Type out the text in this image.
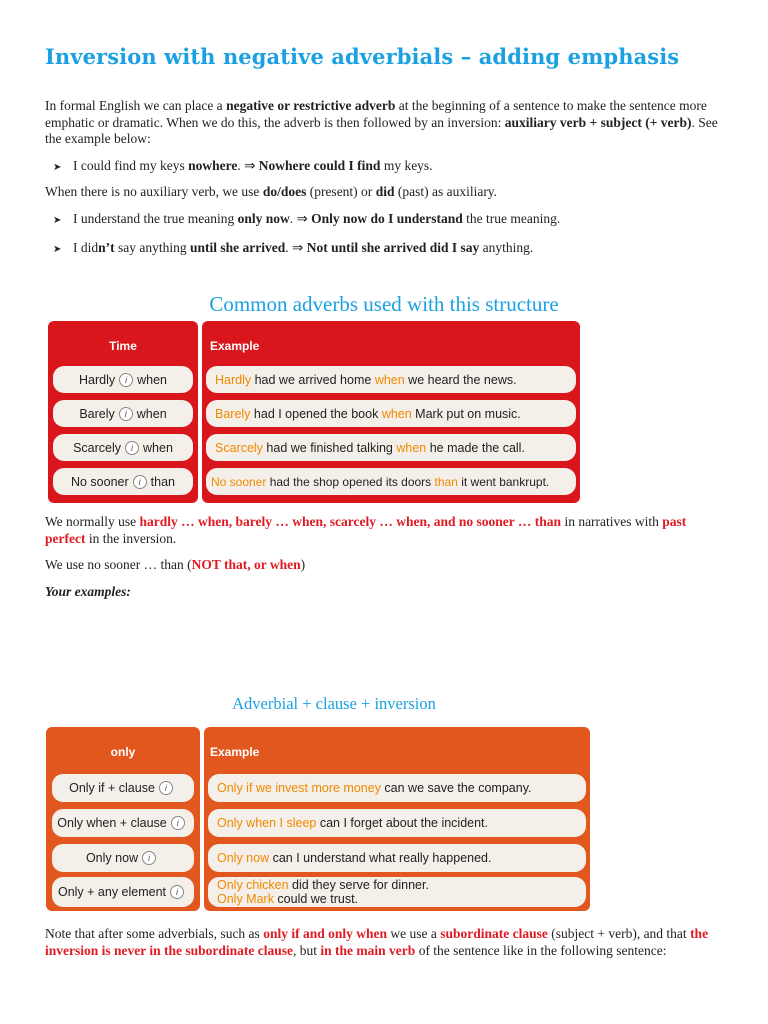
Inversion with negative adverbials – adding emphasis

In formal English we can place a negative or restrictive adverb at the beginning of a sentence to make the sentence more emphatic or dramatic. When we do this, the adverb is then followed by an inversion: auxiliary verb + subject (+ verb). See the example below:

➤ I could find my keys nowhere. ⇒ Nowhere could I find my keys.

When there is no auxiliary verb, we use do/does (present) or did (past) as auxiliary.

➤ I understand the true meaning only now. ⇒ Only now do I understand the true meaning.

➤ I didn’t say anything until she arrived. ⇒ Not until she arrived did I say anything.

Common adverbs used with this structure
Time	Example
Hardly	i when	Hardly had we arrived home when we heard the news.
Barely	i when	Barely had I opened the book when Mark put on music.
Scarcely	i when	Scarcely had we finished talking when he made the call.
No sooner	i than	No sooner had the shop opened its doors than it went bankrupt.

We normally use hardly … when, barely … when, scarcely … when, and no sooner … than in narratives with past perfect in the inversion.

We use no sooner … than (NOT that, or when)

Your examples:

Adverbial + clause + inversion
only	Example
Only if + clause	i	Only if we invest more money can we save the company.
Only when + clause	i	Only when I sleep can I forget about the incident.
Only now	i	Only now can I understand what really happened.
Only + any element	i	Only chicken did they serve for dinner.
Only Mark could we trust.

Note that after some adverbials, such as only if and only when we use a subordinate clause (subject + verb), and that the inversion is never in the subordinate clause, but in the main verb of the sentence like in the following sentence:
